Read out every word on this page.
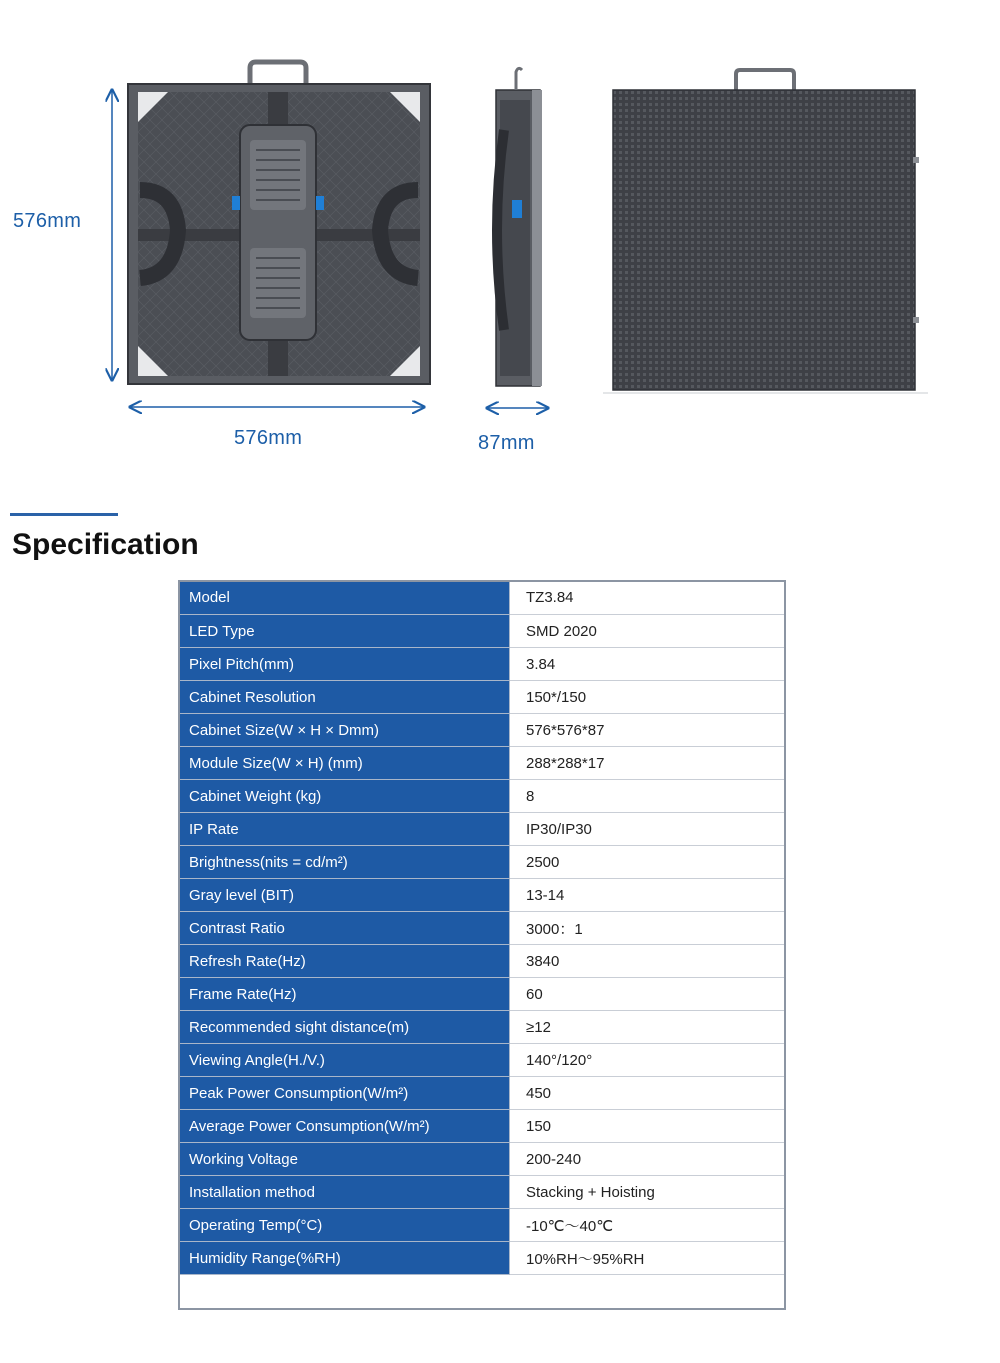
576mm
576mm	87mm
Specification
Model	TZ3.84
LED Type	SMD 2020
Pixel Pitch(mm)	3.84
Cabinet Resolution	150*/150
Cabinet Size(W × H × Dmm)	576*576*87
Module Size(W × H) (mm)	288*288*17
Cabinet Weight (kg)	8
IP Rate	IP30/IP30
Brightness(nits = cd/m²)	2500
Gray level (BIT)	13-14
Contrast Ratio	3000：1
Refresh Rate(Hz)	3840
Frame Rate(Hz)	60
Recommended sight distance(m)	≥12
Viewing Angle(H./V.)	140°/120°
Peak Power Consumption(W/m²)	450
Average Power Consumption(W/m²)	150
Working Voltage	200-240
Installation method	Stacking + Hoisting
Operating Temp(°C)	-10℃～40℃
Humidity Range(%RH)	10%RH～95%RH
